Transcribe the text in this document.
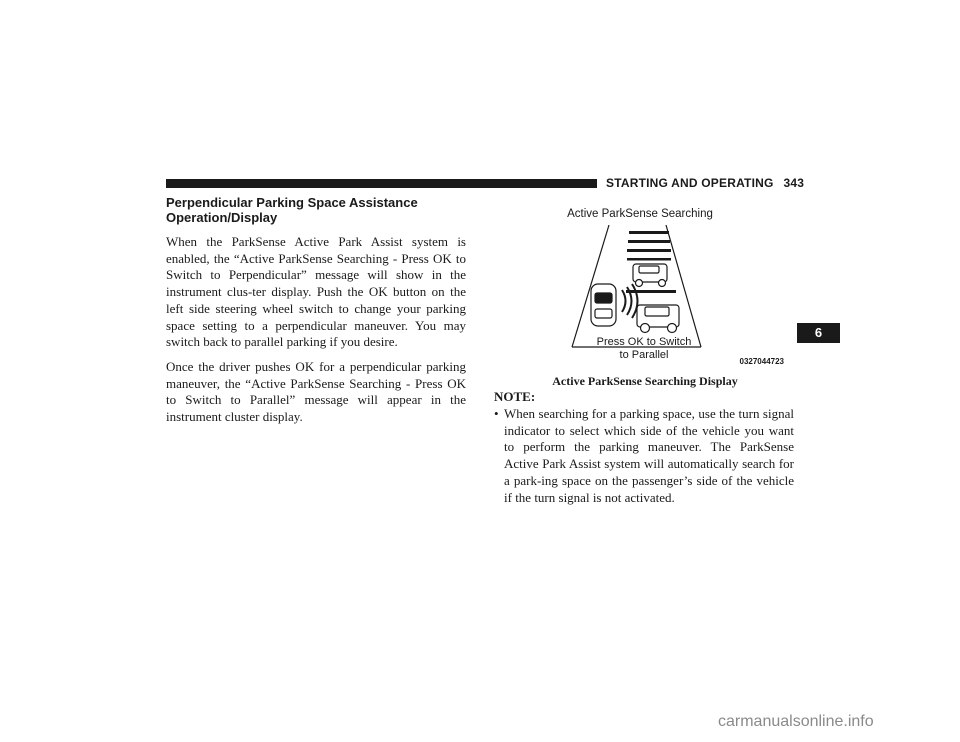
STARTING AND OPERATING 343
6
Perpendicular Parking Space Assistance Operation/Display

When the ParkSense Active Park Assist system is enabled, the “Active ParkSense Searching - Press OK to Switch to Perpendicular” message will show in the instrument clus-ter display. Push the OK button on the left side steering wheel switch to change your parking space setting to a perpendicular maneuver. You may switch back to parallel parking if you desire.

Once the driver pushes OK for a perpendicular parking maneuver, the “Active ParkSense Searching - Press OK to Switch to Parallel” message will appear in the instrument cluster display.

Active ParkSense Searching
Press OK to Switch
to Parallel
0327044723
Active ParkSense Searching Display
NOTE:
• When searching for a parking space, use the turn signal indicator to select which side of the vehicle you want to perform the parking maneuver. The ParkSense Active Park Assist system will automatically search for a park-ing space on the passenger’s side of the vehicle if the turn signal is not activated.
carmanualsonline.info
